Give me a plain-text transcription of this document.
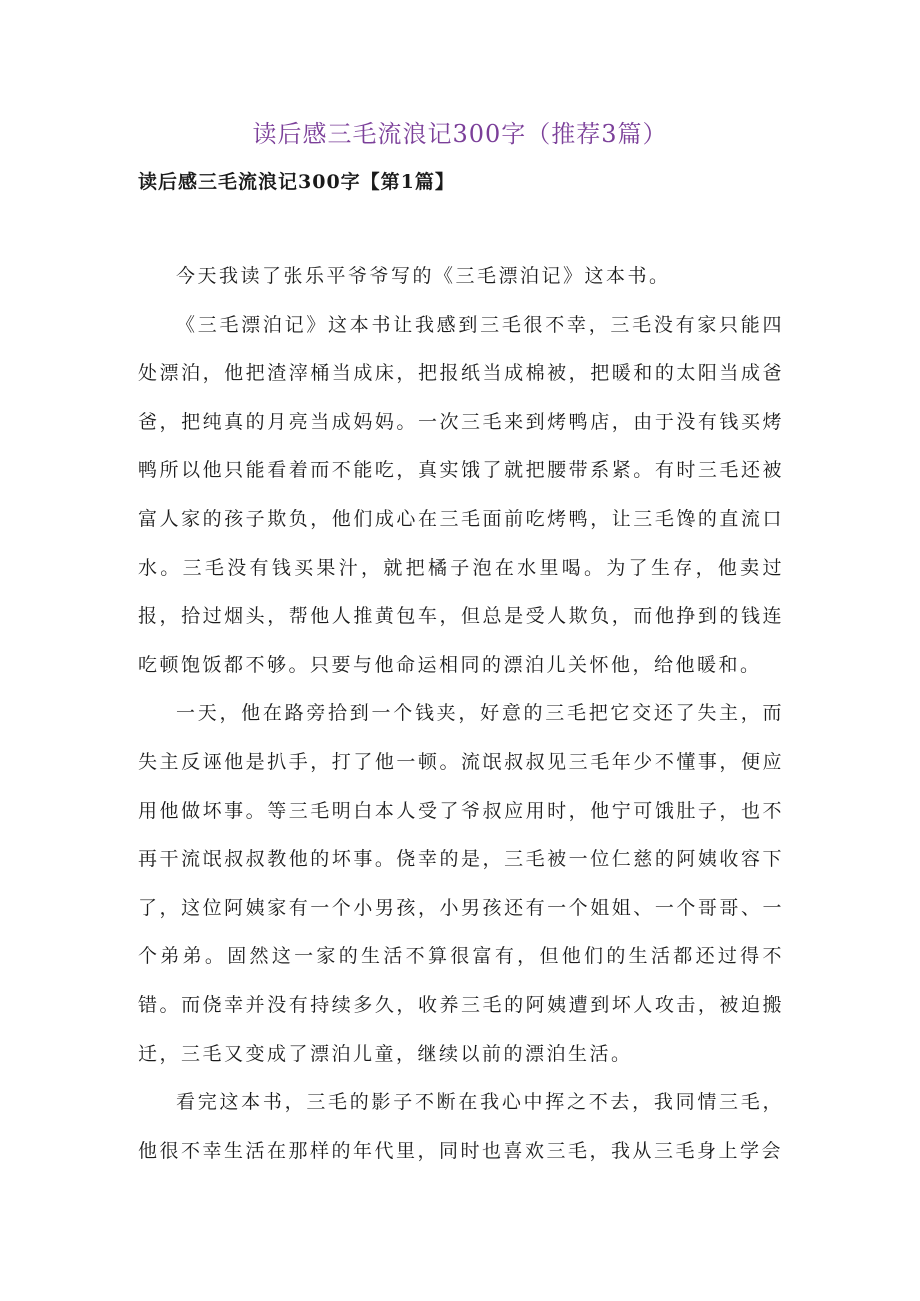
读后感三毛流浪记300字（推荐3篇）
读后感三毛流浪记300字【第1篇】

今天我读了张乐平爷爷写的《三毛漂泊记》这本书。

《三毛漂泊记》这本书让我感到三毛很不幸，三毛没有家只能四处漂泊，他把渣滓桶当成床，把报纸当成棉被，把暖和的太阳当成爸爸，把纯真的月亮当成妈妈。一次三毛来到烤鸭店，由于没有钱买烤鸭所以他只能看着而不能吃，真实饿了就把腰带系紧。有时三毛还被富人家的孩子欺负，他们成心在三毛面前吃烤鸭，让三毛馋的直流口水。三毛没有钱买果汁，就把橘子泡在水里喝。为了生存，他卖过报，拾过烟头，帮他人推黄包车，但总是受人欺负，而他挣到的钱连吃顿饱饭都不够。只要与他命运相同的漂泊儿关怀他，给他暖和。

一天，他在路旁拾到一个钱夹，好意的三毛把它交还了失主，而失主反诬他是扒手，打了他一顿。流氓叔叔见三毛年少不懂事，便应用他做坏事。等三毛明白本人受了爷叔应用时，他宁可饿肚子，也不再干流氓叔叔教他的坏事。侥幸的是，三毛被一位仁慈的阿姨收容下了，这位阿姨家有一个小男孩，小男孩还有一个姐姐、一个哥哥、一个弟弟。固然这一家的生活不算很富有，但他们的生活都还过得不错。而侥幸并没有持续多久，收养三毛的阿姨遭到坏人攻击，被迫搬迁，三毛又变成了漂泊儿童，继续以前的漂泊生活。

看完这本书，三毛的影子不断在我心中挥之不去，我同情三毛，他很不幸生活在那样的年代里，同时也喜欢三毛，我从三毛身上学会
